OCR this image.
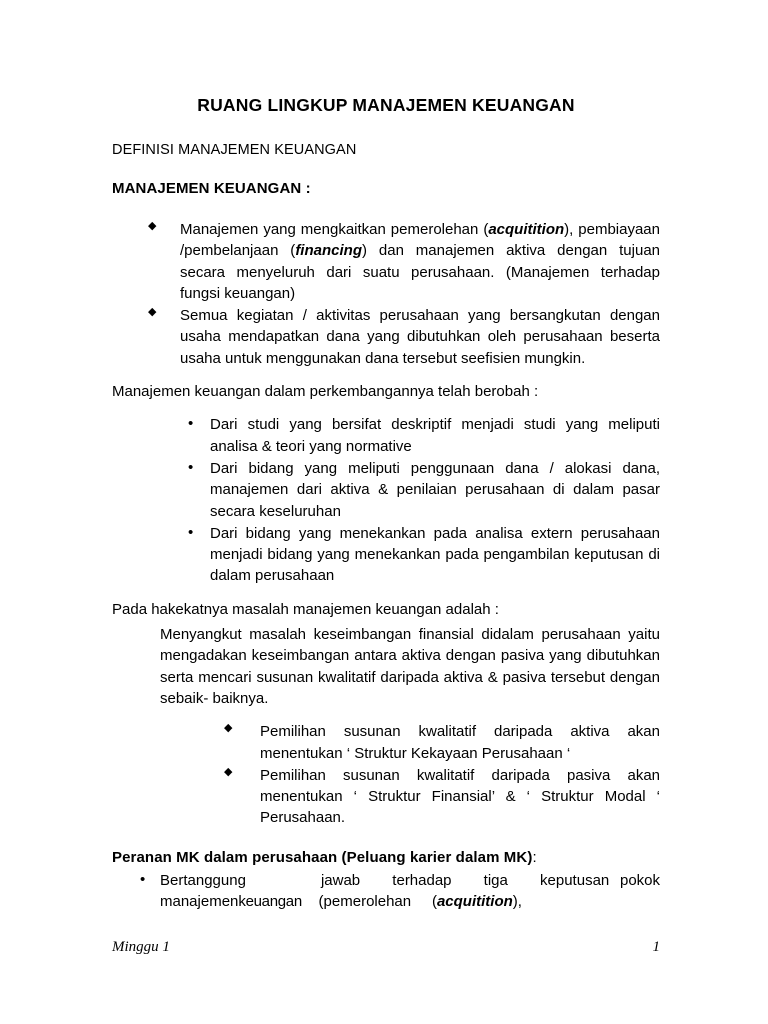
RUANG LINGKUP MANAJEMEN KEUANGAN
DEFINISI MANAJEMEN KEUANGAN
MANAJEMEN KEUANGAN :
◆ Manajemen yang mengkaitkan pemerolehan (acquitition), pembiayaan /pembelanjaan (financing) dan manajemen aktiva dengan tujuan secara menyeluruh dari suatu perusahaan. (Manajemen terhadap fungsi keuangan)
◆ Semua kegiatan / aktivitas perusahaan yang bersangkutan dengan usaha mendapatkan dana yang dibutuhkan oleh perusahaan beserta usaha untuk menggunakan dana tersebut seefisien mungkin.
Manajemen keuangan dalam perkembangannya telah berobah :
• Dari studi yang bersifat deskriptif menjadi studi yang meliputi analisa & teori yang normative
• Dari bidang yang meliputi penggunaan dana / alokasi dana, manajemen dari aktiva & penilaian perusahaan di dalam pasar secara keseluruhan
• Dari bidang yang menekankan pada analisa extern perusahaan menjadi bidang yang menekankan pada pengambilan keputusan di dalam perusahaan
Pada hakekatnya masalah manajemen keuangan adalah :
Menyangkut masalah keseimbangan finansial didalam perusahaan yaitu mengadakan keseimbangan antara aktiva dengan pasiva yang dibutuhkan serta mencari susunan kwalitatif daripada aktiva & pasiva tersebut dengan sebaik- baiknya.
◆ Pemilihan susunan kwalitatif daripada aktiva akan menentukan ‘ Struktur Kekayaan Perusahaan ‘
◆ Pemilihan susunan kwalitatif daripada pasiva akan menentukan ‘ Struktur Finansial’ & ‘ Struktur Modal ‘ Perusahaan.
Peranan MK dalam perusahaan (Peluang karier dalam MK):
• Bertanggung       jawab   terhadap   tiga   keputusan pokok manajemenkeuangan    (pemerolehan     (acquitition),
Minggu 1	1
